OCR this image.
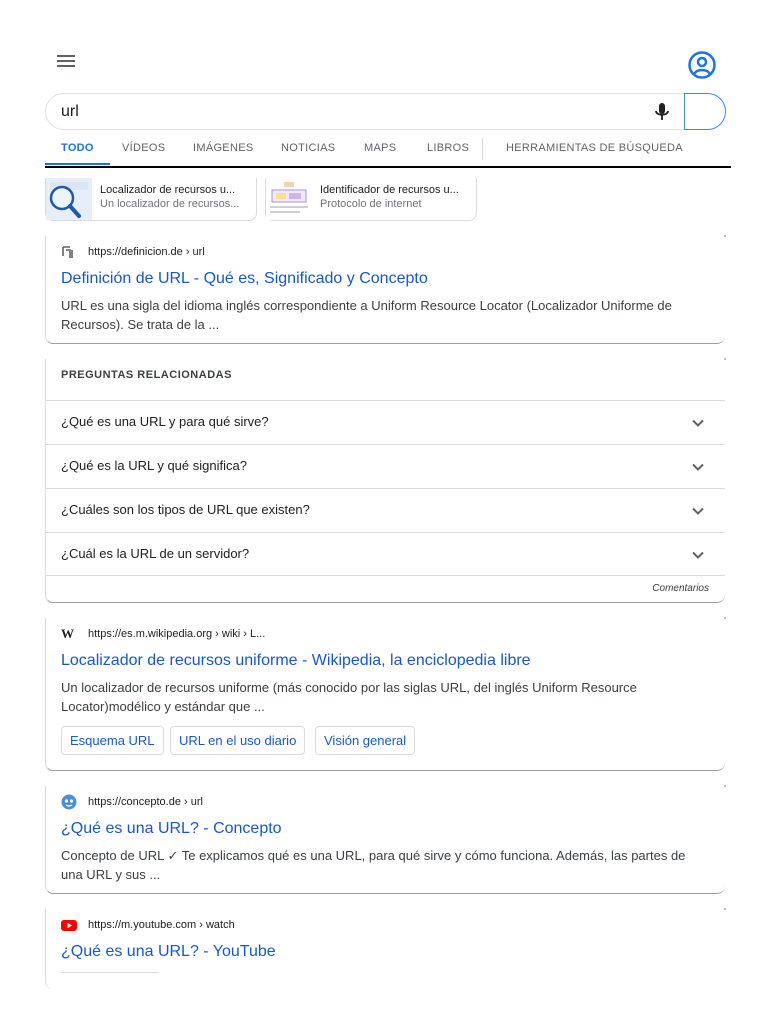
url
TODO	VÍDEOS	IMÁGENES	NOTICIAS	MAPS	LIBROS	HERRAMIENTAS DE BÚSQUEDA
Localizador de recursos u...
Un localizador de recursos...
Identificador de recursos u...
Protocolo de internet
https://definicion.de › url
Definición de URL - Qué es, Significado y Concepto
URL es una sigla del idioma inglés correspondiente a Uniform Resource Locator (Localizador Uniforme de Recursos). Se trata de la ...
PREGUNTAS RELACIONADAS
¿Qué es una URL y para qué sirve?
¿Qué es la URL y qué significa?
¿Cuáles son los tipos de URL que existen?
¿Cuál es la URL de un servidor?
Comentarios
W https://es.m.wikipedia.org › wiki › L...
Localizador de recursos uniforme - Wikipedia, la enciclopedia libre
Un localizador de recursos uniforme (más conocido por las siglas URL, del inglés Uniform Resource Locator)modélico y estándar que ...
Esquema URL	URL en el uso diario	Visión general
https://concepto.de › url
¿Qué es una URL? - Concepto
Concepto de URL ✓ Te explicamos qué es una URL, para qué sirve y cómo funciona. Además, las partes de una URL y sus ...
https://m.youtube.com › watch
¿Qué es una URL? - YouTube
